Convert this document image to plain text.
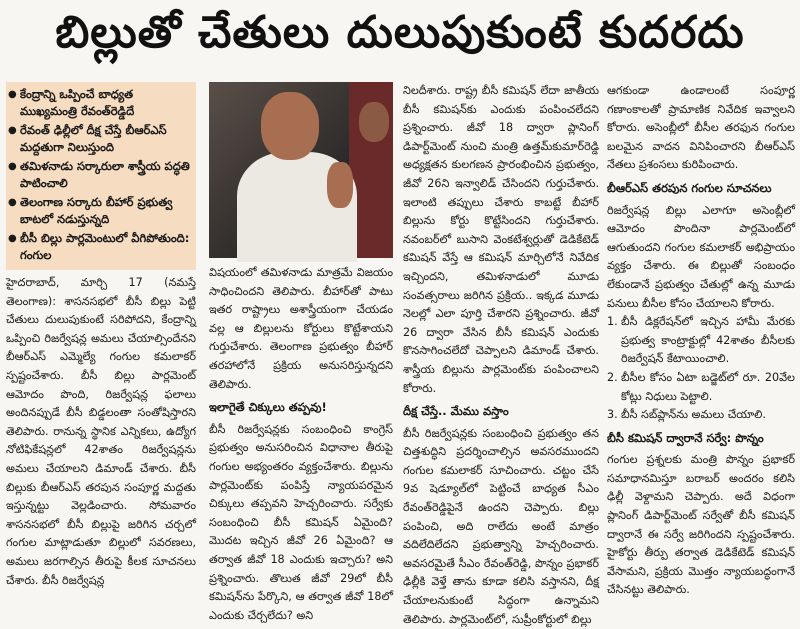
బిల్లుతో చేతులు దులుపుకుంటే కుదరదు
● కేంద్రాన్ని ఒప్పించే బాధ్యత ముఖ్యమంత్రి రేవంత్‌రెడ్డిదే
● రేవంత్ ఢిల్లీలో దీక్ష చేస్తే బీఆర్ఎస్ మద్దతుగా నిలుస్తుంది
● తమిళనాడు సర్కారులా శాస్త్రీయ పద్ధతి పాటించాలి
● తెలంగాణ సర్కారు బీహార్ ప్రభుత్వ బాటలో నడుస్తున్నది
● బీసీ బిల్లు పార్లమెంటులో వీగిపోతుంది: గంగుల

హైదరాబాద్, మార్చి 17 (నమస్తే తెలంగాణ): శాసనసభలో బీసీ బిల్లు పెట్టి చేతులు దులుపుకుంటే సరిపోదని, కేంద్రాన్ని ఒప్పించి రిజర్వేషన్ల అమలు చేయాల్సిందేనని బీఆర్ఎస్ ఎమ్మెల్యే గంగుల కమలాకర్ స్పష్టంచేశారు. బీసీ బిల్లు పార్లమెంట్ ఆమోదం పొంది, రిజర్వేషన్ల ఫలాలు అందినప్పుడే బీసీ బిడ్డలంతా సంతోషిస్తారని తెలిపారు. రానున్న స్థానిక ఎన్నికలు, ఉద్యోగ నోటిఫికేషన్లలో 42శాతం రిజర్వేషన్లను అమలు చేయాలని డిమాండ్ చేశారు. బీసీ బిల్లుకు బీఆర్ఎస్ తరపున సంపూర్ణ మద్దతు ఇస్తున్నట్టు వెల్లడించారు. సోమవారం శాసనసభలో బీసీ బిల్లుపై జరిగిన చర్చలో గంగుల మాట్లాడుతూ బిల్లులో సవరణలు, అమలు జరగాల్సిన తీరుపై కీలక సూచనలు చేశారు. బీసీ రిజర్వేషన్ల

విషయంలో తమిళనాడు మాత్రమే విజయం సాధించిందని తెలిపారు. బీహార్‌తో పాటు ఇతర రాష్ట్రాలు అశాస్త్రీయంగా చేయడం వల్ల ఆ బిల్లులను కోర్టులు కొట్టేశాయని గుర్తుచేశారు. తెలంగాణ ప్రభుత్వం బీహార్ తరహాలోనే ప్రక్రియ అనుసరిస్తున్నదని తెలిపారు.

ఇలాగైతే చిక్కులు తప్పవు!

బీసీ రిజర్వేషన్లకు సంబంధించి కాంగ్రెస్ ప్రభుత్వం అనుసరించిన విధానాల తీరుపై గంగుల అభ్యంతరం వ్యక్తంచేశారు. బిల్లును పార్లమెంట్‌కు పంపిస్తే న్యాయపరమైన చిక్కులు తప్పవని హెచ్చరించారు. సర్వేకు సంబంధించి బీసీ కమిషన్ ఏమైంది? మొదట ఇచ్చిన జీవో 26 ఏమైంది? ఆ తర్వాత జీవో 18 ఎందుకు ఇచ్చారు? అని ప్రశ్నించారు. తొలుత జీవో 29లో బీసీ కమిషన్‌ను పేర్కొని, ఆ తర్వాత జీవో 18లో ఎందుకు చేర్చలేదు? అని

నిలదీశారు. రాష్ట్ర బీసీ కమిషన్ లేదా జాతీయ బీసీ కమిషన్‌కు ఎందుకు పంపించలేదని ప్రశ్నించారు. జీవో 18 ద్వారా ప్లానింగ్ డిపార్ట్‌మెంట్ నుంచి మంత్రి ఉత్తమ్‌కుమార్‌రెడ్డి అధ్యక్షతన కులగణన ప్రారంభించిన ప్రభుత్వం, జీవో 26ని ఇన్వాలిడ్ చేసిందని గుర్తుచేశారు. ఇలాంటి తప్పులు చేశారు కాబట్టే బీహార్ బిల్లును కోర్టు కొట్టేసిందని గుర్తుచేశారు. నవంబర్‌లో బుసాని వెంకటేశ్వర్లుతో డెడికేటెడ్ కమిషన్ వేస్తే ఆ కమిషన్ మార్చిలోనే నివేదిక ఇచ్చిందని, తమిళనాడులో మూడు సంవత్సరాలు జరిగిన ప్రక్రియ.. ఇక్కడ మూడు నెలల్లో ఎలా పూర్తి చేశారని ప్రశ్నించారు. జీవో 26 ద్వారా వేసిన బీసీ కమిషన్ ఎందుకు కొనసాగించలేదో చెప్పాలని డిమాండ్ చేశారు. శాస్త్రీయ బిల్లును పార్లమెంట్‌కు పంపించాలని కోరారు.

దీక్ష చేస్తే.. మేము వస్తాం

బీసీ రిజర్వేషన్లకు సంబంధించి ప్రభుత్వం తన చిత్తశుద్ధిని ప్రదర్శించాల్సిన అవసరముందని గంగుల కమలాకర్ సూచించారు. చట్టం చేసే 9వ షెడ్యూల్‌లో పెట్టించే బాధ్యత సీఎం రేవంత్‌రెడ్డిపైనే ఉందని చెప్పారు. బిల్లు పంపించి, అది రాలేదు అంటే మాత్రం వదిలేదిలేదని ప్రభుత్వాన్ని హెచ్చరించారు. అవసరమైతే సీఎం రేవంత్‌రెడ్డి, పొన్నం ప్రభాకర్ ఢిల్లీకి వెళ్తే తాను కూడా కలిసి వస్తానని, దీక్ష చేయాలనుకుంటే సిద్ధంగా ఉన్నామని తెలిపారు. పార్లమెంట్‌లో, సుప్రీంకోర్టులో బిల్లు

ఆగకుండా ఉండాలంటే సంపూర్ణ గణాంకాలతో ప్రామాణిక నివేదిక ఇవ్వాలని కోరారు. అసెంబ్లీలో బీసీల తరఫున గంగుల బలమైన వాదన వినిపించారని బీఆర్ఎస్ నేతలు ప్రశంసలు కురిపించారు.

బీఆర్ఎస్ తరపున గంగుల సూచనలు

రిజర్వేషన్ల బిల్లు ఎలాగూ అసెంబ్లీలో ఆమోదం పొందినా పార్లమెంట్‌లో ఆగుతుందని గంగుల కమలాకర్ అభిప్రాయం వ్యక్తం చేశారు. ఈ బిల్లుతో సంబంధం లేకుండానే ప్రభుత్వం చేతుల్లో ఉన్న మూడు పనులు బీసీల కోసం చేయాలని కోరారు.

1. బీసీ డిక్లరేషన్‌లో ఇచ్చిన హామీ మేరకు ప్రభుత్వ కాంట్రాక్టుల్లో 42శాతం బీసీలకు రిజర్వేషన్ కేటాయించాలి.
2. బీసీల కోసం ఏటా బడ్జెట్‌లో రూ. 20వేల కోట్లు నిధులు పెట్టాలి.
3. బీసీ సబ్‌ప్లాన్‌ను అమలు చేయాలి.
బీసీ కమిషన్ ద్వారానే సర్వే: పొన్నం

గంగుల ప్రశ్నలకు మంత్రి పొన్నం ప్రభాకర్ సమాధానమిస్తూ బరాబర్ అందరం కలిసి ఢిల్లీ వెళ్దామని చెప్పారు. అదే విధంగా ప్లానింగ్ డిపార్ట్‌మెంట్ సర్వేతో బీసీ కమిషన్ ద్వారానే ఈ సర్వే జరిగిందని స్పష్టంచేశారు. హైకోర్టు తీర్పు తర్వాత డెడికేటెడ్ కమిషన్ వేసామని, ప్రక్రియ మొత్తం న్యాయబద్ధంగానే చేసినట్టు తెలిపారు.
